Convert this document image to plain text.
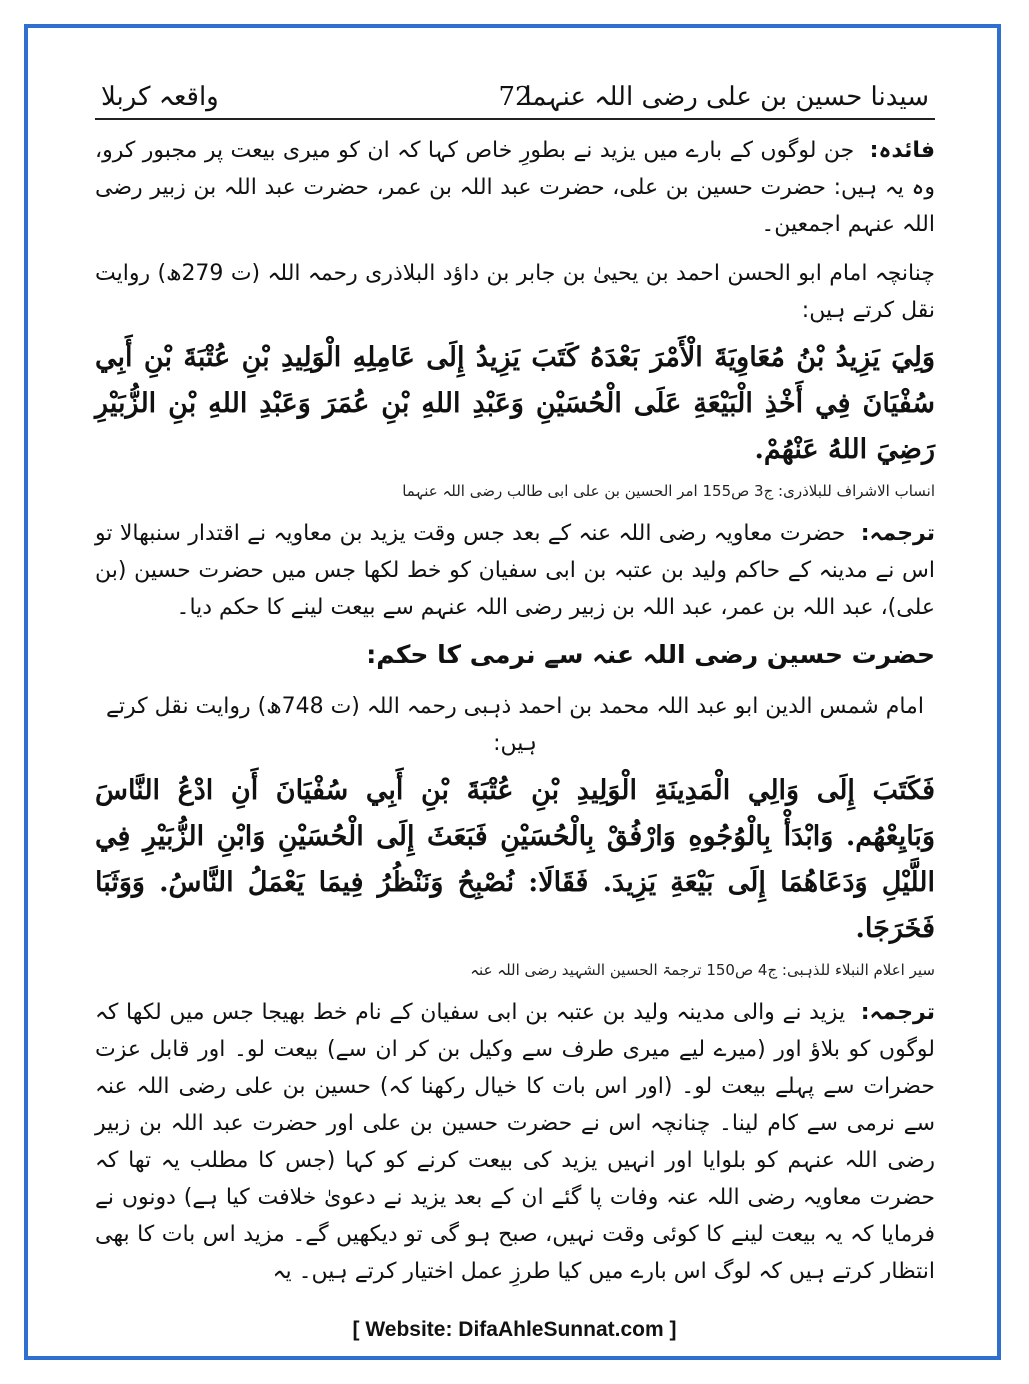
سیدنا حسین بن علی رضی اللہ عنہما
72
واقعہ کربلا

فائدہ: جن لوگوں کے بارے میں یزید نے بطورِ خاص کہا کہ ان کو میری بیعت پر مجبور کرو، وہ یہ ہیں: حضرت حسین بن علی، حضرت عبد اللہ بن عمر، حضرت عبد اللہ بن زبیر رضی اللہ عنہم اجمعین۔

چنانچہ امام ابو الحسن احمد بن یحییٰ بن جابر بن داؤد البلاذری رحمہ اللہ (ت 279ھ) روایت نقل کرتے ہیں:

وَلِيَ يَزِيدُ بْنُ مُعَاوِيَةَ الْأَمْرَ بَعْدَهُ كَتَبَ يَزِيدُ إِلَى عَامِلِهِ الْوَلِيدِ بْنِ عُتْبَةَ بْنِ أَبِي سُفْيَانَ فِي أَخْذِ الْبَيْعَةِ عَلَى الْحُسَيْنِ وَعَبْدِ اللهِ بْنِ عُمَرَ وَعَبْدِ اللهِ بْنِ الزُّبَيْرِ رَضِيَ اللهُ عَنْهُمْ.

انساب الاشراف للبلاذری: ج3 ص155 امر الحسین بن علی ابی طالب رضی اللہ عنہما

ترجمہ: حضرت معاویہ رضی اللہ عنہ کے بعد جس وقت یزید بن معاویہ نے اقتدار سنبھالا تو اس نے مدینہ کے حاکم ولید بن عتبہ بن ابی سفیان کو خط لکھا جس میں حضرت حسین (بن علی)، عبد اللہ بن عمر، عبد اللہ بن زبیر رضی اللہ عنہم سے بیعت لینے کا حکم دیا۔

حضرت حسین رضی اللہ عنہ سے نرمی کا حکم:

امام شمس الدین ابو عبد اللہ محمد بن احمد ذہبی رحمہ اللہ (ت 748ھ) روایت نقل کرتے ہیں:

فَكَتَبَ إِلَى وَالِي الْمَدِينَةِ الْوَلِيدِ بْنِ عُتْبَةَ بْنِ أَبِي سُفْيَانَ أَنِ ادْعُ النَّاسَ وَبَايِعْهُم. وَابْدَأْ بِالْوُجُوهِ وَارْفُقْ بِالْحُسَيْنِ فَبَعَثَ إِلَى الْحُسَيْنِ وَابْنِ الزُّبَيْرِ فِي اللَّيْلِ وَدَعَاهُمَا إِلَى بَيْعَةِ يَزِيدَ. فَقَالَا: نُصْبِحُ وَنَنْظُرُ فِيمَا يَعْمَلُ النَّاسُ. وَوَثَبَا فَخَرَجَا.

سیر اعلام النبلاء للذہبی: ج4 ص150 ترجمۃ الحسین الشہید رضی اللہ عنہ

ترجمہ: یزید نے والی مدینہ ولید بن عتبہ بن ابی سفیان کے نام خط بھیجا جس میں لکھا کہ لوگوں کو بلاؤ اور (میرے لیے میری طرف سے وکیل بن کر ان سے) بیعت لو۔ اور قابل عزت حضرات سے پہلے بیعت لو۔ (اور اس بات کا خیال رکھنا کہ) حسین بن علی رضی اللہ عنہ سے نرمی سے کام لینا۔ چنانچہ اس نے حضرت حسین بن علی اور حضرت عبد اللہ بن زبیر رضی اللہ عنہم کو بلوایا اور انہیں یزید کی بیعت کرنے کو کہا (جس کا مطلب یہ تھا کہ حضرت معاویہ رضی اللہ عنہ وفات پا گئے ان کے بعد یزید نے دعویٰ خلافت کیا ہے) دونوں نے فرمایا کہ یہ بیعت لینے کا کوئی وقت نہیں، صبح ہو گی تو دیکھیں گے۔ مزید اس بات کا بھی انتظار کرتے ہیں کہ لوگ اس بارے میں کیا طرزِ عمل اختیار کرتے ہیں۔ یہ

[ Website: DifaAhleSunnat.com ]
